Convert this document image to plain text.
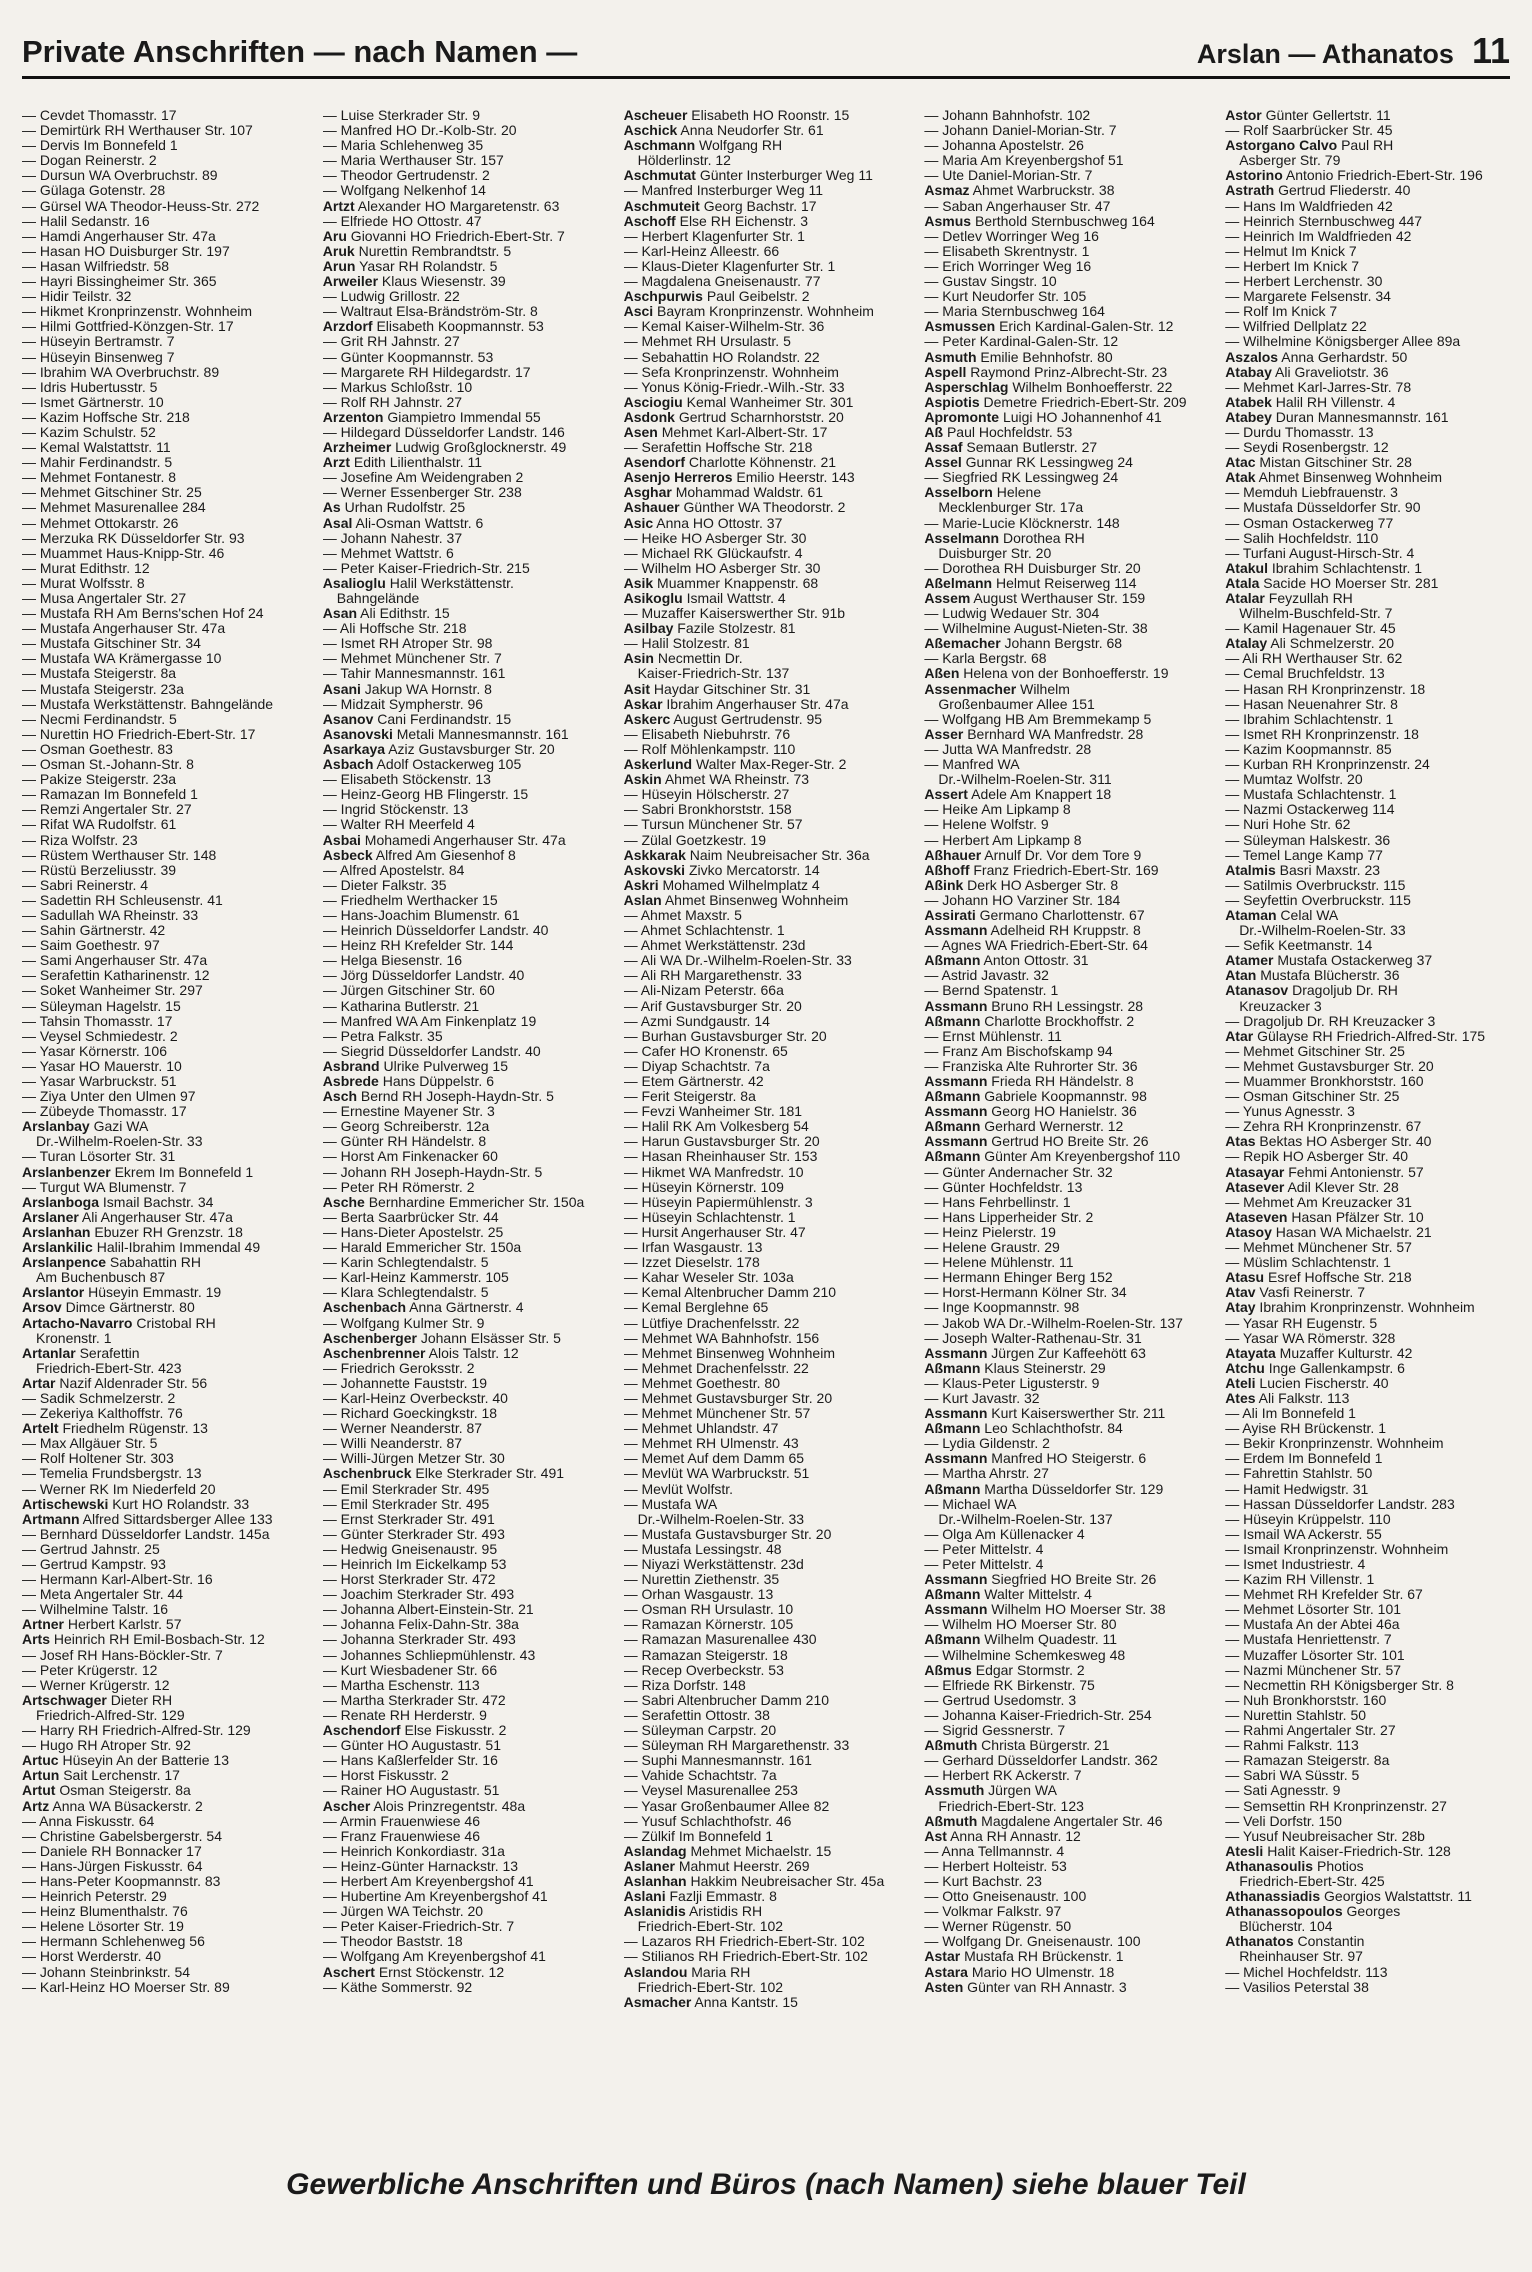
Private Anschriften — nach Namen —	Arslan — Athanatos 11
— Cevdet Thomasstr. 17
— Demirtürk RH Werthauser Str. 107
— Dervis Im Bonnefeld 1
— Dogan Reinerstr. 2
— Dursun WA Overbruchstr. 89
— Gülaga Gotenstr. 28
— Gürsel WA Theodor-Heuss-Str. 272
— Halil Sedanstr. 16
— Hamdi Angerhauser Str. 47a
— Hasan HO Duisburger Str. 197
— Hasan Wilfriedstr. 58
— Hayri Bissingheimer Str. 365
— Hidir Teilstr. 32
— Hikmet Kronprinzenstr. Wohnheim
— Hilmi Gottfried-Könzgen-Str. 17
— Hüseyin Bertramstr. 7
— Hüseyin Binsenweg 7
— Ibrahim WA Overbruchstr. 89
— Idris Hubertusstr. 5
— Ismet Gärtnerstr. 10
— Kazim Hoffsche Str. 218
— Kazim Schulstr. 52
— Kemal Walstattstr. 11
— Mahir Ferdinandstr. 5
— Mehmet Fontanestr. 8
— Mehmet Gitschiner Str. 25
— Mehmet Masurenallee 284
— Mehmet Ottokarstr. 26
— Merzuka RK Düsseldorfer Str. 93
— Muammet Haus-Knipp-Str. 46
— Murat Edithstr. 12
— Murat Wolfsstr. 8
— Musa Angertaler Str. 27
— Mustafa RH Am Berns'schen Hof 24
— Mustafa Angerhauser Str. 47a
— Mustafa Gitschiner Str. 34
— Mustafa WA Krämergasse 10
— Mustafa Steigerstr. 8a
— Mustafa Steigerstr. 23a
— Mustafa Werkstättenstr. Bahngelände
— Necmi Ferdinandstr. 5
— Nurettin HO Friedrich-Ebert-Str. 17
— Osman Goethestr. 83
— Osman St.-Johann-Str. 8
— Pakize Steigerstr. 23a
— Ramazan Im Bonnefeld 1
— Remzi Angertaler Str. 27
— Rifat WA Rudolfstr. 61
— Riza Wolfstr. 23
— Rüstem Werthauser Str. 148
— Rüstü Berzeliusstr. 39
— Sabri Reinerstr. 4
— Sadettin RH Schleusenstr. 41
— Sadullah WA Rheinstr. 33
— Sahin Gärtnerstr. 42
— Saim Goethestr. 97
— Sami Angerhauser Str. 47a
— Serafettin Katharinenstr. 12
— Soket Wanheimer Str. 297
— Süleyman Hagelstr. 15
— Tahsin Thomasstr. 17
— Veysel Schmiedestr. 2
— Yasar Körnerstr. 106
— Yasar HO Mauerstr. 10
— Yasar Warbruckstr. 51
— Ziya Unter den Ulmen 97
— Zübeyde Thomasstr. 17
Arslanbay Gazi WA
Dr.-Wilhelm-Roelen-Str. 33
— Turan Lösorter Str. 31
Arslanbenzer Ekrem Im Bonnefeld 1
— Turgut WA Blumenstr. 7
Arslanboga Ismail Bachstr. 34
Arslaner Ali Angerhauser Str. 47a
Arslanhan Ebuzer RH Grenzstr. 18
Arslankilic Halil-Ibrahim Immendal 49
Arslanpence Sabahattin RH
Am Buchenbusch 87
Arslantor Hüseyin Emmastr. 19
Arsov Dimce Gärtnerstr. 80
Artacho-Navarro Cristobal RH
Kronenstr. 1
Artanlar Serafettin
Friedrich-Ebert-Str. 423
Artar Nazif Aldenrader Str. 56
— Sadik Schmelzerstr. 2
— Zekeriya Kalthoffstr. 76
Artelt Friedhelm Rügenstr. 13
— Max Allgäuer Str. 5
— Rolf Holtener Str. 303
— Temelia Frundsbergstr. 13
— Werner RK Im Niederfeld 20
Artischewski Kurt HO Rolandstr. 33
Artmann Alfred Sittardsberger Allee 133
— Bernhard Düsseldorfer Landstr. 145a
— Gertrud Jahnstr. 25
— Gertrud Kampstr. 93
— Hermann Karl-Albert-Str. 16
— Meta Angertaler Str. 44
— Wilhelmine Talstr. 16
Artner Herbert Karlstr. 57
Arts Heinrich RH Emil-Bosbach-Str. 12
— Josef RH Hans-Böckler-Str. 7
— Peter Krügerstr. 12
— Werner Krügerstr. 12
Artschwager Dieter RH
Friedrich-Alfred-Str. 129
— Harry RH Friedrich-Alfred-Str. 129
— Hugo RH Atroper Str. 92
Artuc Hüseyin An der Batterie 13
Artun Sait Lerchenstr. 17
Artut Osman Steigerstr. 8a
Artz Anna WA Büsackerstr. 2
— Anna Fiskusstr. 64
— Christine Gabelsbergerstr. 54
— Daniele RH Bonnacker 17
— Hans-Jürgen Fiskusstr. 64
— Hans-Peter Koopmannstr. 83
— Heinrich Peterstr. 29
— Heinz Blumenthalstr. 76
— Helene Lösorter Str. 19
— Hermann Schlehenweg 56
— Horst Werderstr. 40
— Johann Steinbrinkstr. 54
— Karl-Heinz HO Moerser Str. 89
— Luise Sterkrader Str. 9
— Manfred HO Dr.-Kolb-Str. 20
— Maria Schlehenweg 35
— Maria Werthauser Str. 157
— Theodor Gertrudenstr. 2
— Wolfgang Nelkenhof 14
Artzt Alexander HO Margaretenstr. 63
— Elfriede HO Ottostr. 47
Aru Giovanni HO Friedrich-Ebert-Str. 7
Aruk Nurettin Rembrandtstr. 5
Arun Yasar RH Rolandstr. 5
Arweiler Klaus Wiesenstr. 39
— Ludwig Grillostr. 22
— Waltraut Elsa-Brändström-Str. 8
Arzdorf Elisabeth Koopmannstr. 53
— Grit RH Jahnstr. 27
— Günter Koopmannstr. 53
— Margarete RH Hildegardstr. 17
— Markus Schloßstr. 10
— Rolf RH Jahnstr. 27
Arzenton Giampietro Immendal 55
— Hildegard Düsseldorfer Landstr. 146
Arzheimer Ludwig Großglocknerstr. 49
Arzt Edith Lilienthalstr. 11
— Josefine Am Weidengraben 2
— Werner Essenberger Str. 238
As Urhan Rudolfstr. 25
Asal Ali-Osman Wattstr. 6
— Johann Nahestr. 37
— Mehmet Wattstr. 6
— Peter Kaiser-Friedrich-Str. 215
Asalioglu Halil Werkstättenstr.
Bahngelände
Asan Ali Edithstr. 15
— Ali Hoffsche Str. 218
— Ismet RH Atroper Str. 98
— Mehmet Münchener Str. 7
— Tahir Mannesmannstr. 161
Asani Jakup WA Hornstr. 8
— Midzait Sympherstr. 96
Asanov Cani Ferdinandstr. 15
Asanovski Metali Mannesmannstr. 161
Asarkaya Aziz Gustavsburger Str. 20
Asbach Adolf Ostackerweg 105
— Elisabeth Stöckenstr. 13
— Heinz-Georg HB Flingerstr. 15
— Ingrid Stöckenstr. 13
— Walter RH Meerfeld 4
Asbai Mohamedi Angerhauser Str. 47a
Asbeck Alfred Am Giesenhof 8
— Alfred Apostelstr. 84
— Dieter Falkstr. 35
— Friedhelm Werthacker 15
— Hans-Joachim Blumenstr. 61
— Heinrich Düsseldorfer Landstr. 40
— Heinz RH Krefelder Str. 144
— Helga Biesenstr. 16
— Jörg Düsseldorfer Landstr. 40
— Jürgen Gitschiner Str. 60
— Katharina Butlerstr. 21
— Manfred WA Am Finkenplatz 19
— Petra Falkstr. 35
— Siegrid Düsseldorfer Landstr. 40
Asbrand Ulrike Pulverweg 15
Asbrede Hans Düppelstr. 6
Asch Bernd RH Joseph-Haydn-Str. 5
— Ernestine Mayener Str. 3
— Georg Schreiberstr. 12a
— Günter RH Händelstr. 8
— Horst Am Finkenacker 60
— Johann RH Joseph-Haydn-Str. 5
— Peter RH Römerstr. 2
Asche Bernhardine Emmericher Str. 150a
— Berta Saarbrücker Str. 44
— Hans-Dieter Apostelstr. 25
— Harald Emmericher Str. 150a
— Karin Schlegtendalstr. 5
— Karl-Heinz Kammerstr. 105
— Klara Schlegtendalstr. 5
Aschenbach Anna Gärtnerstr. 4
— Wolfgang Kulmer Str. 9
Aschenberger Johann Elsässer Str. 5
Aschenbrenner Alois Talstr. 12
— Friedrich Geroksstr. 2
— Johannette Fauststr. 19
— Karl-Heinz Overbeckstr. 40
— Richard Goeckingkstr. 18
— Werner Neanderstr. 87
— Willi Neanderstr. 87
— Willi-Jürgen Metzer Str. 30
Aschenbruck Elke Sterkrader Str. 491
— Emil Sterkrader Str. 495
— Emil Sterkrader Str. 495
— Ernst Sterkrader Str. 491
— Günter Sterkrader Str. 493
— Hedwig Gneisenaustr. 95
— Heinrich Im Eickelkamp 53
— Horst Sterkrader Str. 472
— Joachim Sterkrader Str. 493
— Johanna Albert-Einstein-Str. 21
— Johanna Felix-Dahn-Str. 38a
— Johanna Sterkrader Str. 493
— Johannes Schliepmühlenstr. 43
— Kurt Wiesbadener Str. 66
— Martha Eschenstr. 113
— Martha Sterkrader Str. 472
— Renate RH Herderstr. 9
Aschendorf Else Fiskusstr. 2
— Günter HO Augustastr. 51
— Hans Kaßlerfelder Str. 16
— Horst Fiskusstr. 2
— Rainer HO Augustastr. 51
Ascher Alois Prinzregentstr. 48a
— Armin Frauenwiese 46
— Franz Frauenwiese 46
— Heinrich Konkordiastr. 31a
— Heinz-Günter Harnackstr. 13
— Herbert Am Kreyenbergshof 41
— Hubertine Am Kreyenbergshof 41
— Jürgen WA Teichstr. 20
— Peter Kaiser-Friedrich-Str. 7
— Theodor Baststr. 18
— Wolfgang Am Kreyenbergshof 41
Aschert Ernst Stöckenstr. 12
— Käthe Sommerstr. 92
Ascheuer Elisabeth HO Roonstr. 15
Aschick Anna Neudorfer Str. 61
Aschmann Wolfgang RH
Hölderlinstr. 12
Aschmutat Günter Insterburger Weg 11
— Manfred Insterburger Weg 11
Aschmuteit Georg Bachstr. 17
Aschoff Else RH Eichenstr. 3
— Herbert Klagenfurter Str. 1
— Karl-Heinz Alleestr. 66
— Klaus-Dieter Klagenfurter Str. 1
— Magdalena Gneisenaustr. 77
Aschpurwis Paul Geibelstr. 2
Asci Bayram Kronprinzenstr. Wohnheim
— Kemal Kaiser-Wilhelm-Str. 36
— Mehmet RH Ursulastr. 5
— Sebahattin HO Rolandstr. 22
— Sefa Kronprinzenstr. Wohnheim
— Yonus König-Friedr.-Wilh.-Str. 33
Asciogiu Kemal Wanheimer Str. 301
Asdonk Gertrud Scharnhorststr. 20
Asen Mehmet Karl-Albert-Str. 17
— Serafettin Hoffsche Str. 218
Asendorf Charlotte Köhnenstr. 21
Asenjo Herreros Emilio Heerstr. 143
Asghar Mohammad Waldstr. 61
Ashauer Günther WA Theodorstr. 2
Asic Anna HO Ottostr. 37
— Heike HO Asberger Str. 30
— Michael RK Glückaufstr. 4
— Wilhelm HO Asberger Str. 30
Asik Muammer Knappenstr. 68
Asikoglu Ismail Wattstr. 4
— Muzaffer Kaiserswerther Str. 91b
Asilbay Fazile Stolzestr. 81
— Halil Stolzestr. 81
Asin Necmettin Dr.
Kaiser-Friedrich-Str. 137
Asit Haydar Gitschiner Str. 31
Askar Ibrahim Angerhauser Str. 47a
Askerc August Gertrudenstr. 95
— Elisabeth Niebuhrstr. 76
— Rolf Möhlenkampstr. 110
Askerlund Walter Max-Reger-Str. 2
Askin Ahmet WA Rheinstr. 73
— Hüseyin Hölscherstr. 27
— Sabri Bronkhorststr. 158
— Tursun Münchener Str. 57
— Zülal Goetzkestr. 19
Askkarak Naim Neubreisacher Str. 36a
Askovski Zivko Mercatorstr. 14
Askri Mohamed Wilhelmplatz 4
Aslan Ahmet Binsenweg Wohnheim
— Ahmet Maxstr. 5
— Ahmet Schlachtenstr. 1
— Ahmet Werkstättenstr. 23d
— Ali WA Dr.-Wilhelm-Roelen-Str. 33
— Ali RH Margarethenstr. 33
— Ali-Nizam Peterstr. 66a
— Arif Gustavsburger Str. 20
— Azmi Sundgaustr. 14
— Burhan Gustavsburger Str. 20
— Cafer HO Kronenstr. 65
— Diyap Schachtstr. 7a
— Etem Gärtnerstr. 42
— Ferit Steigerstr. 8a
— Fevzi Wanheimer Str. 181
— Halil RK Am Volkesberg 54
— Harun Gustavsburger Str. 20
— Hasan Rheinhauser Str. 153
— Hikmet WA Manfredstr. 10
— Hüseyin Körnerstr. 109
— Hüseyin Papiermühlenstr. 3
— Hüseyin Schlachtenstr. 1
— Hursit Angerhauser Str. 47
— Irfan Wasgaustr. 13
— Izzet Dieselstr. 178
— Kahar Weseler Str. 103a
— Kemal Altenbrucher Damm 210
— Kemal Berglehne 65
— Lütfiye Drachenfelsstr. 22
— Mehmet WA Bahnhofstr. 156
— Mehmet Binsenweg Wohnheim
— Mehmet Drachenfelsstr. 22
— Mehmet Goethestr. 80
— Mehmet Gustavsburger Str. 20
— Mehmet Münchener Str. 57
— Mehmet Uhlandstr. 47
— Mehmet RH Ulmenstr. 43
— Memet Auf dem Damm 65
— Mevlüt WA Warbruckstr. 51
— Mevlüt Wolfstr.
— Mustafa WA
Dr.-Wilhelm-Roelen-Str. 33
— Mustafa Gustavsburger Str. 20
— Mustafa Lessingstr. 48
— Niyazi Werkstättenstr. 23d
— Nurettin Ziethenstr. 35
— Orhan Wasgaustr. 13
— Osman RH Ursulastr. 10
— Ramazan Körnerstr. 105
— Ramazan Masurenallee 430
— Ramazan Steigerstr. 18
— Recep Overbeckstr. 53
— Riza Dorfstr. 148
— Sabri Altenbrucher Damm 210
— Serafettin Ottostr. 38
— Süleyman Carpstr. 20
— Süleyman RH Margarethenstr. 33
— Suphi Mannesmannstr. 161
— Vahide Schachtstr. 7a
— Veysel Masurenallee 253
— Yasar Großenbaumer Allee 82
— Yusuf Schlachthofstr. 46
— Zülkif Im Bonnefeld 1
Aslandag Mehmet Michaelstr. 15
Aslaner Mahmut Heerstr. 269
Aslanhan Hakkim Neubreisacher Str. 45a
Aslani Fazlji Emmastr. 8
Aslanidis Aristidis RH
Friedrich-Ebert-Str. 102
— Lazaros RH Friedrich-Ebert-Str. 102
— Stilianos RH Friedrich-Ebert-Str. 102
Aslandou Maria RH
Friedrich-Ebert-Str. 102
Asmacher Anna Kantstr. 15
— Johann Bahnhofstr. 102
— Johann Daniel-Morian-Str. 7
— Johanna Apostelstr. 26
— Maria Am Kreyenbergshof 51
— Ute Daniel-Morian-Str. 7
Asmaz Ahmet Warbruckstr. 38
— Saban Angerhauser Str. 47
Asmus Berthold Sternbuschweg 164
— Detlev Worringer Weg 16
— Elisabeth Skrentnystr. 1
— Erich Worringer Weg 16
— Gustav Singstr. 10
— Kurt Neudorfer Str. 105
— Maria Sternbuschweg 164
Asmussen Erich Kardinal-Galen-Str. 12
— Peter Kardinal-Galen-Str. 12
Asmuth Emilie Behnhofstr. 80
Aspell Raymond Prinz-Albrecht-Str. 23
Asperschlag Wilhelm Bonhoefferstr. 22
Aspiotis Demetre Friedrich-Ebert-Str. 209
Apromonte Luigi HO Johannenhof 41
Aß Paul Hochfeldstr. 53
Assaf Semaan Butlerstr. 27
Assel Gunnar RK Lessingweg 24
— Siegfried RK Lessingweg 24
Asselborn Helene
Mecklenburger Str. 17a
— Marie-Lucie Klöcknerstr. 148
Asselmann Dorothea RH
Duisburger Str. 20
— Dorothea RH Duisburger Str. 20
Aßelmann Helmut Reiserweg 114
Assem August Werthauser Str. 159
— Ludwig Wedauer Str. 304
— Wilhelmine August-Nieten-Str. 38
Aßemacher Johann Bergstr. 68
— Karla Bergstr. 68
Aßen Helena von der Bonhoefferstr. 19
Assenmacher Wilhelm
Großenbaumer Allee 151
— Wolfgang HB Am Bremmekamp 5
Asser Bernhard WA Manfredstr. 28
— Jutta WA Manfredstr. 28
— Manfred WA
Dr.-Wilhelm-Roelen-Str. 311
Assert Adele Am Knappert 18
— Heike Am Lipkamp 8
— Helene Wolfstr. 9
— Herbert Am Lipkamp 8
Aßhauer Arnulf Dr. Vor dem Tore 9
Aßhoff Franz Friedrich-Ebert-Str. 169
Aßink Derk HO Asberger Str. 8
— Johann HO Varziner Str. 184
Assirati Germano Charlottenstr. 67
Assmann Adelheid RH Kruppstr. 8
— Agnes WA Friedrich-Ebert-Str. 64
Aßmann Anton Ottostr. 31
— Astrid Javastr. 32
— Bernd Spatenstr. 1
Assmann Bruno RH Lessingstr. 28
Aßmann Charlotte Brockhoffstr. 2
— Ernst Mühlenstr. 11
— Franz Am Bischofskamp 94
— Franziska Alte Ruhrorter Str. 36
Assmann Frieda RH Händelstr. 8
Aßmann Gabriele Koopmannstr. 98
Assmann Georg HO Hanielstr. 36
Aßmann Gerhard Wernerstr. 12
Assmann Gertrud HO Breite Str. 26
Aßmann Günter Am Kreyenbergshof 110
— Günter Andernacher Str. 32
— Günter Hochfeldstr. 13
— Hans Fehrbellinstr. 1
— Hans Lipperheider Str. 2
— Heinz Pielerstr. 19
— Helene Graustr. 29
— Helene Mühlenstr. 11
— Hermann Ehinger Berg 152
— Horst-Hermann Kölner Str. 34
— Inge Koopmannstr. 98
— Jakob WA Dr.-Wilhelm-Roelen-Str. 137
— Joseph Walter-Rathenau-Str. 31
Assmann Jürgen Zur Kaffeehött 63
Aßmann Klaus Steinerstr. 29
— Klaus-Peter Ligusterstr. 9
— Kurt Javastr. 32
Assmann Kurt Kaiserswerther Str. 211
Aßmann Leo Schlachthofstr. 84
— Lydia Gildenstr. 2
Assmann Manfred HO Steigerstr. 6
— Martha Ahrstr. 27
Aßmann Martha Düsseldorfer Str. 129
— Michael WA
Dr.-Wilhelm-Roelen-Str. 137
— Olga Am Küllenacker 4
— Peter Mittelstr. 4
— Peter Mittelstr. 4
Assmann Siegfried HO Breite Str. 26
Aßmann Walter Mittelstr. 4
Assmann Wilhelm HO Moerser Str. 38
— Wilhelm HO Moerser Str. 80
Aßmann Wilhelm Quadestr. 11
— Wilhelmine Schemkesweg 48
Aßmus Edgar Stormstr. 2
— Elfriede RK Birkenstr. 75
— Gertrud Usedomstr. 3
— Johanna Kaiser-Friedrich-Str. 254
— Sigrid Gessnerstr. 7
Aßmuth Christa Bürgerstr. 21
— Gerhard Düsseldorfer Landstr. 362
— Herbert RK Ackerstr. 7
Assmuth Jürgen WA
Friedrich-Ebert-Str. 123
Aßmuth Magdalene Angertaler Str. 46
Ast Anna RH Annastr. 12
— Anna Tellmannstr. 4
— Herbert Holteistr. 53
— Kurt Bachstr. 23
— Otto Gneisenaustr. 100
— Volkmar Falkstr. 97
— Werner Rügenstr. 50
— Wolfgang Dr. Gneisenaustr. 100
Astar Mustafa RH Brückenstr. 1
Astara Mario HO Ulmenstr. 18
Asten Günter van RH Annastr. 3
Astor Günter Gellertstr. 11
— Rolf Saarbrücker Str. 45
Astorgano Calvo Paul RH
Asberger Str. 79
Astorino Antonio Friedrich-Ebert-Str. 196
Astrath Gertrud Fliederstr. 40
— Hans Im Waldfrieden 42
— Heinrich Sternbuschweg 447
— Heinrich Im Waldfrieden 42
— Helmut Im Knick 7
— Herbert Im Knick 7
— Herbert Lerchenstr. 30
— Margarete Felsenstr. 34
— Rolf Im Knick 7
— Wilfried Dellplatz 22
— Wilhelmine Königsberger Allee 89a
Aszalos Anna Gerhardstr. 50
Atabay Ali Graveliotstr. 36
— Mehmet Karl-Jarres-Str. 78
Atabek Halil RH Villenstr. 4
Atabey Duran Mannesmannstr. 161
— Durdu Thomasstr. 13
— Seydi Rosenbergstr. 12
Atac Mistan Gitschiner Str. 28
Atak Ahmet Binsenweg Wohnheim
— Memduh Liebfrauenstr. 3
— Mustafa Düsseldorfer Str. 90
— Osman Ostackerweg 77
— Salih Hochfeldstr. 110
— Turfani August-Hirsch-Str. 4
Atakul Ibrahim Schlachtenstr. 1
Atala Sacide HO Moerser Str. 281
Atalar Feyzullah RH
Wilhelm-Buschfeld-Str. 7
— Kamil Hagenauer Str. 45
Atalay Ali Schmelzerstr. 20
— Ali RH Werthauser Str. 62
— Cemal Bruchfeldstr. 13
— Hasan RH Kronprinzenstr. 18
— Hasan Neuenahrer Str. 8
— Ibrahim Schlachtenstr. 1
— Ismet RH Kronprinzenstr. 18
— Kazim Koopmannstr. 85
— Kurban RH Kronprinzenstr. 24
— Mumtaz Wolfstr. 20
— Mustafa Schlachtenstr. 1
— Nazmi Ostackerweg 114
— Nuri Hohe Str. 62
— Süleyman Halskestr. 36
— Temel Lange Kamp 77
Atalmis Basri Maxstr. 23
— Satilmis Overbruckstr. 115
— Seyfettin Overbruckstr. 115
Ataman Celal WA
Dr.-Wilhelm-Roelen-Str. 33
— Sefik Keetmanstr. 14
Atamer Mustafa Ostackerweg 37
Atan Mustafa Blücherstr. 36
Atanasov Dragoljub Dr. RH
Kreuzacker 3
— Dragoljub Dr. RH Kreuzacker 3
Atar Gülayse RH Friedrich-Alfred-Str. 175
— Mehmet Gitschiner Str. 25
— Mehmet Gustavsburger Str. 20
— Muammer Bronkhorststr. 160
— Osman Gitschiner Str. 25
— Yunus Agnesstr. 3
— Zehra RH Kronprinzenstr. 67
Atas Bektas HO Asberger Str. 40
— Repik HO Asberger Str. 40
Atasayar Fehmi Antonienstr. 57
Atasever Adil Klever Str. 28
— Mehmet Am Kreuzacker 31
Ataseven Hasan Pfälzer Str. 10
Atasoy Hasan WA Michaelstr. 21
— Mehmet Münchener Str. 57
— Müslim Schlachtenstr. 1
Atasu Esref Hoffsche Str. 218
Atav Vasfi Reinerstr. 7
Atay Ibrahim Kronprinzenstr. Wohnheim
— Yasar RH Eugenstr. 5
— Yasar WA Römerstr. 328
Atayata Muzaffer Kulturstr. 42
Atchu Inge Gallenkampstr. 6
Ateli Lucien Fischerstr. 40
Ates Ali Falkstr. 113
— Ali Im Bonnefeld 1
— Ayise RH Brückenstr. 1
— Bekir Kronprinzenstr. Wohnheim
— Erdem Im Bonnefeld 1
— Fahrettin Stahlstr. 50
— Hamit Hedwigstr. 31
— Hassan Düsseldorfer Landstr. 283
— Hüseyin Krüppelstr. 110
— Ismail WA Ackerstr. 55
— Ismail Kronprinzenstr. Wohnheim
— Ismet Industriestr. 4
— Kazim RH Villenstr. 1
— Mehmet RH Krefelder Str. 67
— Mehmet Lösorter Str. 101
— Mustafa An der Abtei 46a
— Mustafa Henriettenstr. 7
— Muzaffer Lösorter Str. 101
— Nazmi Münchener Str. 57
— Necmettin RH Königsberger Str. 8
— Nuh Bronkhorststr. 160
— Nurettin Stahlstr. 50
— Rahmi Angertaler Str. 27
— Rahmi Falkstr. 113
— Ramazan Steigerstr. 8a
— Sabri WA Süsstr. 5
— Sati Agnesstr. 9
— Semsettin RH Kronprinzenstr. 27
— Veli Dorfstr. 150
— Yusuf Neubreisacher Str. 28b
Atesli Halit Kaiser-Friedrich-Str. 128
Athanasoulis Photios
Friedrich-Ebert-Str. 425
Athanassiadis Georgios Walstattstr. 11
Athanassopoulos Georges
Blücherstr. 104
Athanatos Constantin
Rheinhauser Str. 97
— Michel Hochfeldstr. 113
— Vasilios Peterstal 38
Gewerbliche Anschriften und Büros (nach Namen) siehe blauer Teil
